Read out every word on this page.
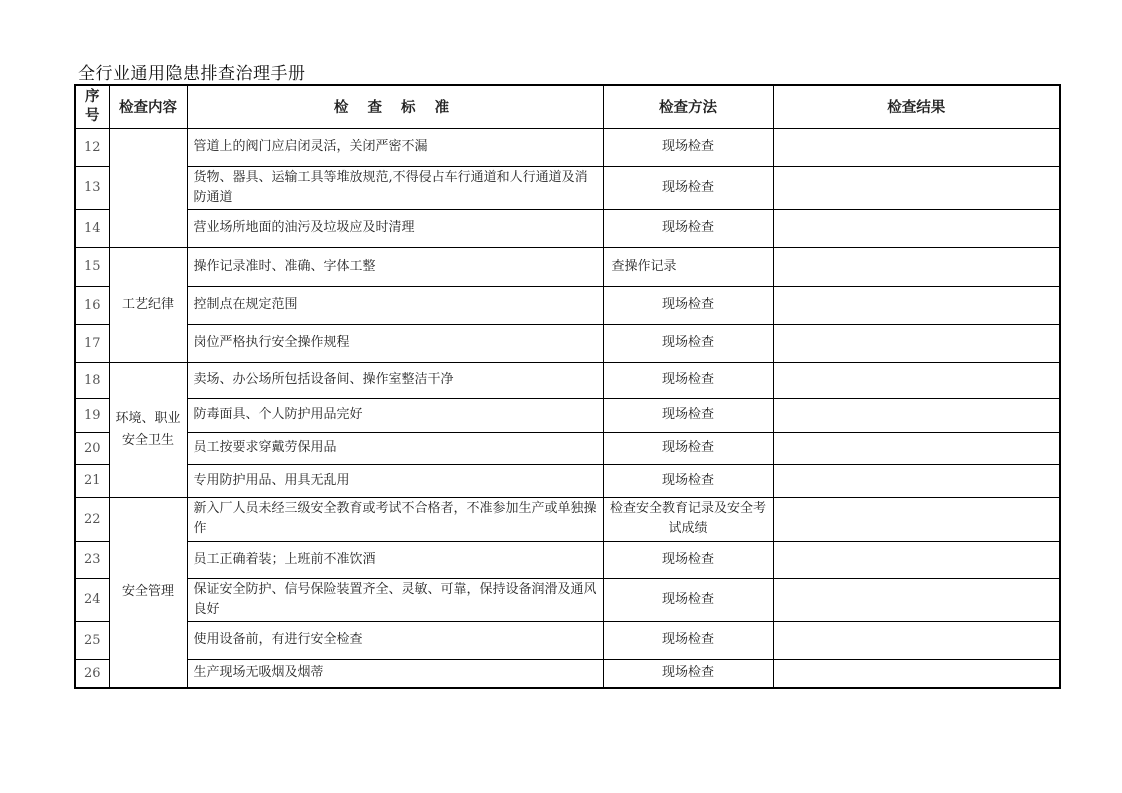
全行业通用隐患排查治理手册
序号	检查内容	检 查 标 准	检查方法	检查结果
12		管道上的阀门应启闭灵活，关闭严密不漏	现场检查	
13		货物、器具、运输工具等堆放规范,不得侵占车行通道和人行通道及消防通道	现场检查	
14		营业场所地面的油污及垃圾应及时清理	现场检查	
15	工艺纪律	操作记录准时、准确、字体工整	查操作记录	
16		控制点在规定范围	现场检查	
17		岗位严格执行安全操作规程	现场检查	
18	环境、职业安全卫生	卖场、办公场所包括设备间、操作室整洁干净	现场检查	
19		防毒面具、个人防护用品完好	现场检查	
20		员工按要求穿戴劳保用品	现场检查	
21		专用防护用品、用具无乱用	现场检查	
22	安全管理	新入厂人员未经三级安全教育或考试不合格者，不准参加生产或单独操作	检查安全教育记录及安全考试成绩	
23		员工正确着装；上班前不准饮酒	现场检查	
24		保证安全防护、信号保险装置齐全、灵敏、可靠，保持设备润滑及通风良好	现场检查	
25		使用设备前，有进行安全检查	现场检查	
26		生产现场无吸烟及烟蒂	现场检查	
